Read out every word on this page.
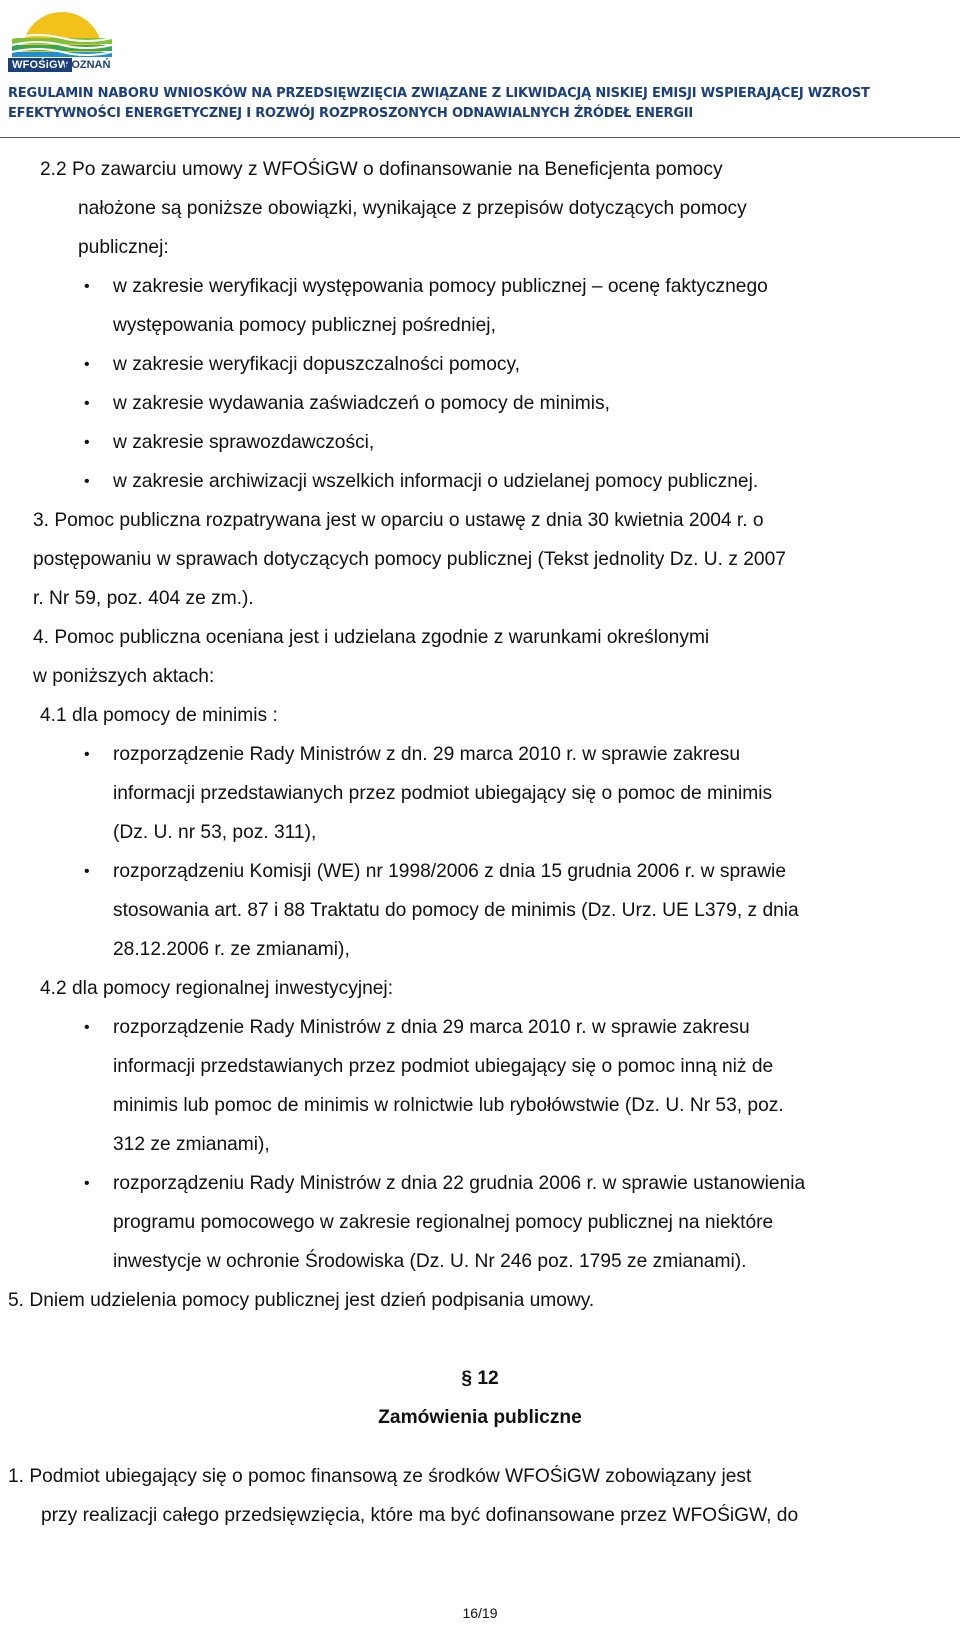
WFOŚiGW
POZNAŃ
REGULAMIN NABORU WNIOSKÓW NA PRZEDSIĘWZIĘCIA ZWIĄZANE Z LIKWIDACJĄ NISKIEJ EMISJI WSPIERAJĄCEJ WZROST
EFEKTYWNOŚCI ENERGETYCZNEJ I ROZWÓJ ROZPROSZONYCH ODNAWIALNYCH ŹRÓDEŁ ENERGII
2.2 Po zawarciu umowy z WFOŚiGW o dofinansowanie na Beneficjenta pomocy
nałożone są poniższe obowiązki, wynikające z przepisów dotyczących pomocy
publicznej:
• w zakresie weryfikacji występowania pomocy publicznej – ocenę faktycznego
występowania pomocy publicznej pośredniej,
• w zakresie weryfikacji dopuszczalności pomocy,
• w zakresie wydawania zaświadczeń o pomocy de minimis,
• w zakresie sprawozdawczości,
• w zakresie archiwizacji wszelkich informacji o udzielanej pomocy publicznej.
3. Pomoc publiczna rozpatrywana jest w oparciu o ustawę z dnia 30 kwietnia 2004 r. o
postępowaniu w sprawach dotyczących pomocy publicznej (Tekst jednolity Dz. U. z 2007
r. Nr 59, poz. 404 ze zm.).
4. Pomoc publiczna oceniana jest i udzielana zgodnie z warunkami określonymi
w poniższych aktach:
4.1 dla pomocy de minimis :
• rozporządzenie Rady Ministrów z dn. 29 marca 2010 r. w sprawie zakresu
informacji przedstawianych przez podmiot ubiegający się o pomoc de minimis
(Dz. U. nr 53, poz. 311),
• rozporządzeniu Komisji (WE) nr 1998/2006 z dnia 15 grudnia 2006 r. w sprawie
stosowania art. 87 i 88 Traktatu do pomocy de minimis (Dz. Urz. UE L379, z dnia
28.12.2006 r. ze zmianami),
4.2 dla pomocy regionalnej inwestycyjnej:
• rozporządzenie Rady Ministrów z dnia 29 marca 2010 r. w sprawie zakresu
informacji przedstawianych przez podmiot ubiegający się o pomoc inną niż de
minimis lub pomoc de minimis w rolnictwie lub rybołówstwie (Dz. U. Nr 53, poz.
312 ze zmianami),
• rozporządzeniu Rady Ministrów z dnia 22 grudnia 2006 r. w sprawie ustanowienia
programu pomocowego w zakresie regionalnej pomocy publicznej na niektóre
inwestycje w ochronie Środowiska (Dz. U. Nr 246 poz. 1795 ze zmianami).
5. Dniem udzielenia pomocy publicznej jest dzień podpisania umowy.
§ 12
Zamówienia publiczne
1. Podmiot ubiegający się o pomoc finansową ze środków WFOŚiGW zobowiązany jest
przy realizacji całego przedsięwzięcia, które ma być dofinansowane przez WFOŚiGW, do
16/19
